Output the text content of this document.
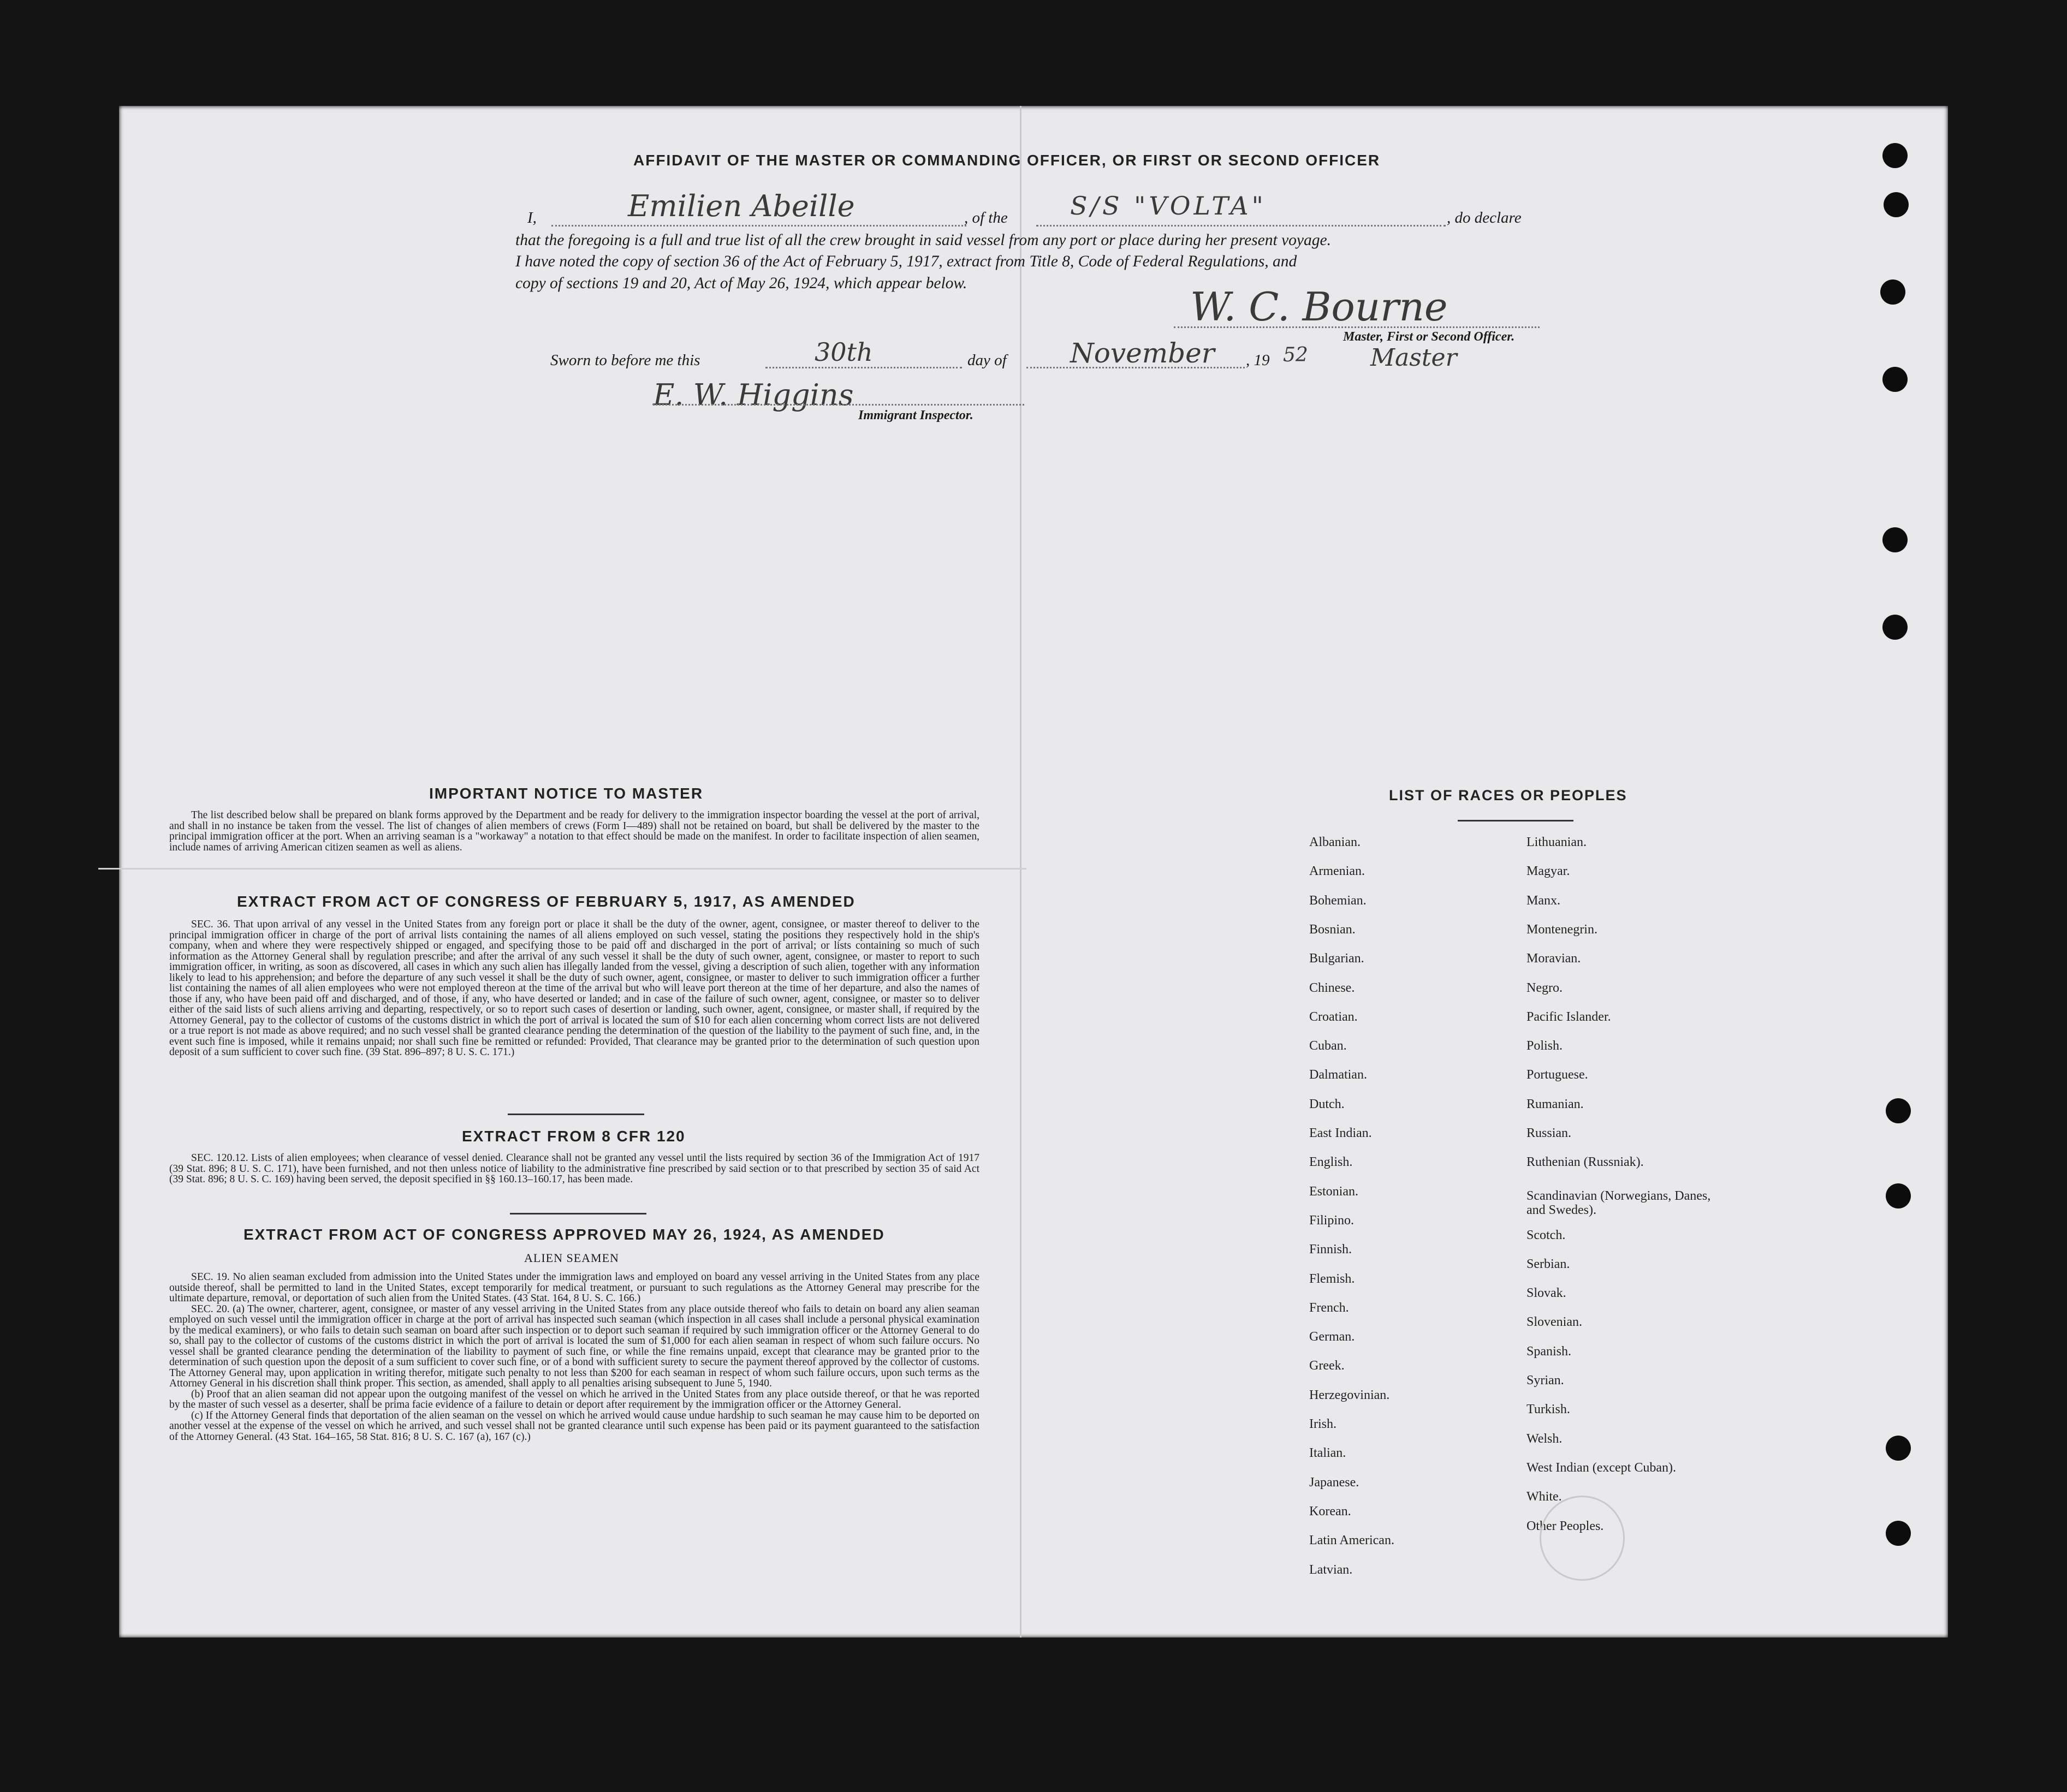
AFFIDAVIT OF THE MASTER OR COMMANDING OFFICER, OR FIRST OR SECOND OFFICER
I,	Emilien Abeille	, of the S/S "VOLTA"	, do declare
that the foregoing is a full and true list of all the crew brought in said vessel from any port or place during her present voyage.
I have noted the copy of section 36 of the Act of February 5, 1917, extract from Title 8, Code of Federal Regulations, and
copy of sections 19 and 20, Act of May 26, 1924, which appear below.
W. C. Bourne
Master, First or Second Officer.
Sworn to before me this	30th	day of November , 19 52	Master
E. W. Higgins
Immigrant Inspector.
IMPORTANT NOTICE TO MASTER

The list described below shall be prepared on blank forms approved by the Department and be ready for delivery to the immigration inspector boarding the vessel at the port of arrival, and shall in no instance be taken from the vessel. The list of changes of alien members of crews (Form I—489) shall not be retained on board, but shall be delivered by the master to the principal immigration officer at the port. When an arriving seaman is a "workaway" a notation to that effect should be made on the manifest. In order to facilitate inspection of alien seamen, include names of arriving American citizen seamen as well as aliens.

EXTRACT FROM ACT OF CONGRESS OF FEBRUARY 5, 1917, AS AMENDED

SEC. 36. That upon arrival of any vessel in the United States from any foreign port or place it shall be the duty of the owner, agent, consignee, or master thereof to deliver to the principal immigration officer in charge of the port of arrival lists containing the names of all aliens employed on such vessel, stating the positions they respectively hold in the ship's company, when and where they were respectively shipped or engaged, and specifying those to be paid off and discharged in the port of arrival; or lists containing so much of such information as the Attorney General shall by regulation prescribe; and after the arrival of any such vessel it shall be the duty of such owner, agent, consignee, or master to report to such immigration officer, in writing, as soon as discovered, all cases in which any such alien has illegally landed from the vessel, giving a description of such alien, together with any information likely to lead to his apprehension; and before the departure of any such vessel it shall be the duty of such owner, agent, consignee, or master to deliver to such immigration officer a further list containing the names of all alien employees who were not employed thereon at the time of the arrival but who will leave port thereon at the time of her departure, and also the names of those if any, who have been paid off and discharged, and of those, if any, who have deserted or landed; and in case of the failure of such owner, agent, consignee, or master so to deliver either of the said lists of such aliens arriving and departing, respectively, or so to report such cases of desertion or landing, such owner, agent, consignee, or master shall, if required by the Attorney General, pay to the collector of customs of the customs district in which the port of arrival is located the sum of $10 for each alien concerning whom correct lists are not delivered or a true report is not made as above required; and no such vessel shall be granted clearance pending the determination of the question of the liability to the payment of such fine, and, in the event such fine is imposed, while it remains unpaid; nor shall such fine be remitted or refunded: Provided, That clearance may be granted prior to the determination of such question upon deposit of a sum sufficient to cover such fine. (39 Stat. 896–897; 8 U. S. C. 171.)

EXTRACT FROM 8 CFR 120

SEC. 120.12. Lists of alien employees; when clearance of vessel denied. Clearance shall not be granted any vessel until the lists required by section 36 of the Immigration Act of 1917 (39 Stat. 896; 8 U. S. C. 171), have been furnished, and not then unless notice of liability to the administrative fine prescribed by said section or to that prescribed by section 35 of said Act (39 Stat. 896; 8 U. S. C. 169) having been served, the deposit specified in §§ 160.13–160.17, has been made.

EXTRACT FROM ACT OF CONGRESS APPROVED MAY 26, 1924, AS AMENDED
ALIEN SEAMEN

SEC. 19. No alien seaman excluded from admission into the United States under the immigration laws and employed on board any vessel arriving in the United States from any place outside thereof, shall be permitted to land in the United States, except temporarily for medical treatment, or pursuant to such regulations as the Attorney General may prescribe for the ultimate departure, removal, or deportation of such alien from the United States. (43 Stat. 164, 8 U. S. C. 166.)

SEC. 20. (a) The owner, charterer, agent, consignee, or master of any vessel arriving in the United States from any place outside thereof who fails to detain on board any alien seaman employed on such vessel until the immigration officer in charge at the port of arrival has inspected such seaman (which inspection in all cases shall include a personal physical examination by the medical examiners), or who fails to detain such seaman on board after such inspection or to deport such seaman if required by such immigration officer or the Attorney General to do so, shall pay to the collector of customs of the customs district in which the port of arrival is located the sum of $1,000 for each alien seaman in respect of whom such failure occurs. No vessel shall be granted clearance pending the determination of the liability to payment of such fine, or while the fine remains unpaid, except that clearance may be granted prior to the determination of such question upon the deposit of a sum sufficient to cover such fine, or of a bond with sufficient surety to secure the payment thereof approved by the collector of customs. The Attorney General may, upon application in writing therefor, mitigate such penalty to not less than $200 for each seaman in respect of whom such failure occurs, upon such terms as the Attorney General in his discretion shall think proper. This section, as amended, shall apply to all penalties arising subsequent to June 5, 1940.

(b) Proof that an alien seaman did not appear upon the outgoing manifest of the vessel on which he arrived in the United States from any place outside thereof, or that he was reported by the master of such vessel as a deserter, shall be prima facie evidence of a failure to detain or deport after requirement by the immigration officer or the Attorney General.

(c) If the Attorney General finds that deportation of the alien seaman on the vessel on which he arrived would cause undue hardship to such seaman he may cause him to be deported on another vessel at the expense of the vessel on which he arrived, and such vessel shall not be granted clearance until such expense has been paid or its payment guaranteed to the satisfaction of the Attorney General. (43 Stat. 164–165, 58 Stat. 816; 8 U. S. C. 167 (a), 167 (c).)

LIST OF RACES OR PEOPLES
Albanian.
Armenian.
Bohemian.
Bosnian.
Bulgarian.
Chinese.
Croatian.
Cuban.
Dalmatian.
Dutch.
East Indian.
English.
Estonian.
Filipino.
Finnish.
Flemish.
French.
German.
Greek.
Herzegovinian.
Irish.
Italian.
Japanese.
Korean.
Latin American.
Latvian.
Lithuanian.
Magyar.
Manx.
Montenegrin.
Moravian.
Negro.
Pacific Islander.
Polish.
Portuguese.
Rumanian.
Russian.
Ruthenian (Russniak).
Scandinavian (Norwegians, Danes, and Swedes).
Scotch.
Serbian.
Slovak.
Slovenian.
Spanish.
Syrian.
Turkish.
Welsh.
West Indian (except Cuban).
White.
Other Peoples.
